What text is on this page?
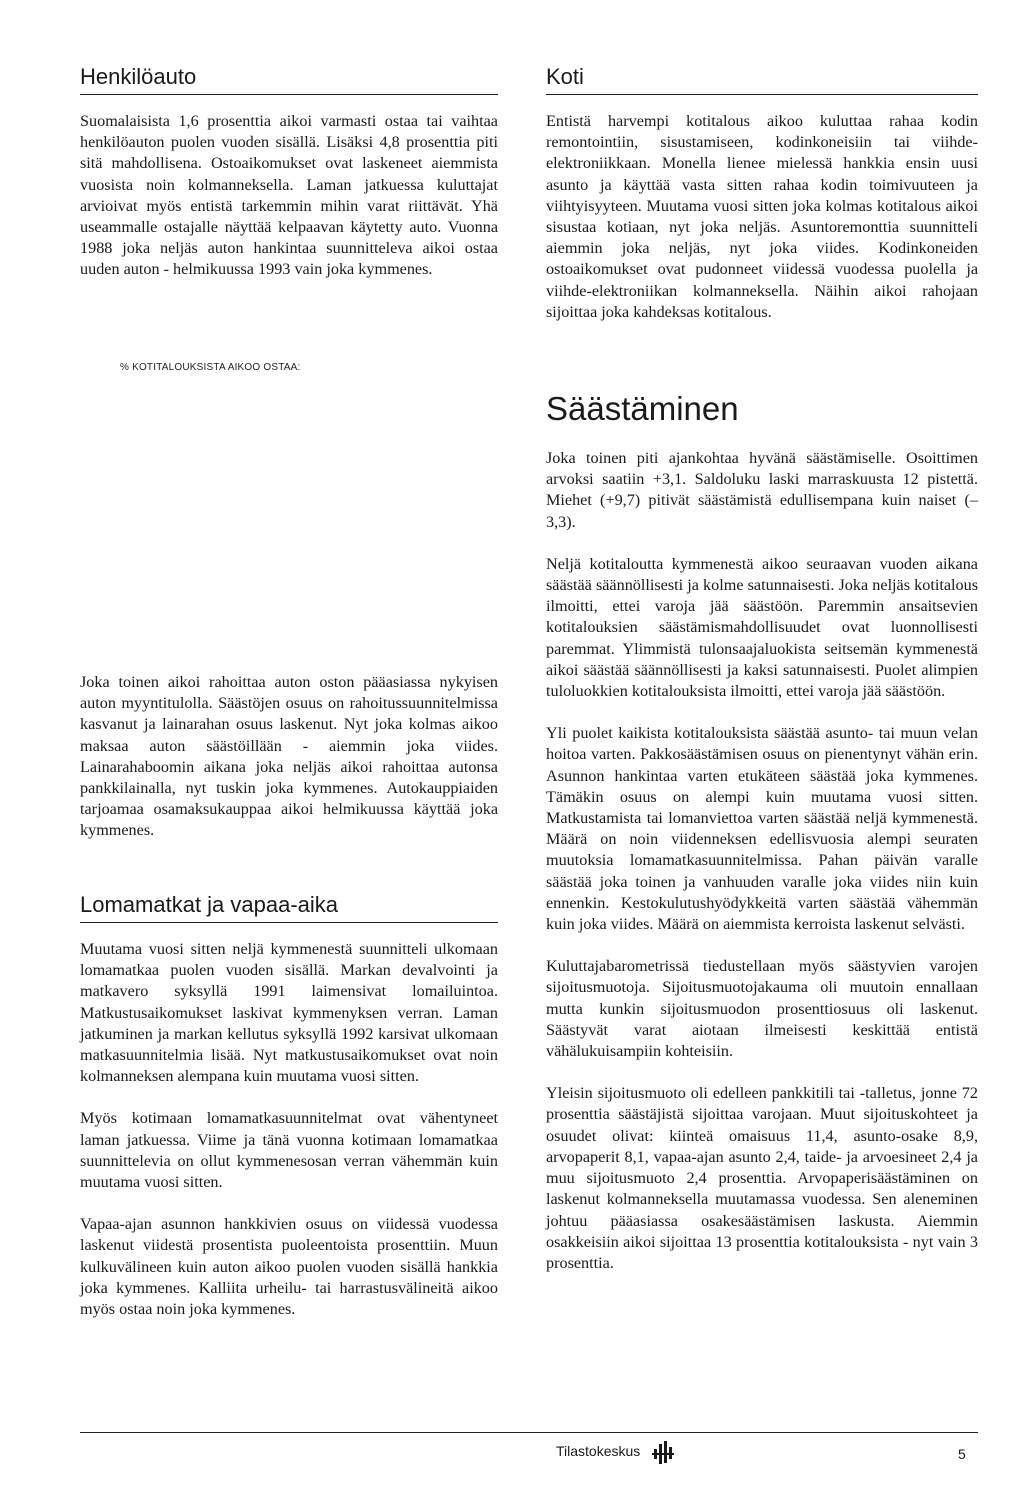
Henkilöauto

Suomalaisista 1,6 prosenttia aikoi varmasti ostaa tai vaihtaa henkilöauton puolen vuoden sisällä. Lisäksi 4,8 prosenttia piti sitä mahdollisena. Ostoaikomukset ovat laskeneet aiemmista vuosista noin kolmanneksella. Laman jatkuessa kuluttajat arvioivat myös entistä tarkemmin mihin varat riittävät. Yhä useammalle ostajalle näyttää kelpaavan käytetty auto. Vuonna 1988 joka neljäs auton hankintaa suunnitteleva aikoi ostaa uuden auton - helmikuussa 1993 vain joka kymmenes.

% KOTITALOUKSISTA AIKOO OSTAA:

Joka toinen aikoi rahoittaa auton oston pääasiassa nykyisen auton myyntitulolla. Säästöjen osuus on rahoitussuunnitelmissa kasvanut ja lainarahan osuus laskenut. Nyt joka kolmas aikoo maksaa auton säästöillään - aiemmin joka viides. Lainarahaboomin aikana joka neljäs aikoi rahoittaa autonsa pankkilainalla, nyt tuskin joka kymmenes. Autokauppiaiden tarjoamaa osamaksukauppaa aikoi helmikuussa käyttää joka kymmenes.

Lomamatkat ja vapaa-aika

Muutama vuosi sitten neljä kymmenestä suunnitteli ulkomaan lomamatkaa puolen vuoden sisällä. Markan devalvointi ja matkavero syksyllä 1991 laimensivat lomailuintoa. Matkustusaikomukset laskivat kymmenyksen verran. Laman jatkuminen ja markan kellutus syksyllä 1992 karsivat ulkomaan matkasuunnitelmia lisää. Nyt matkustusaikomukset ovat noin kolmanneksen alempana kuin muutama vuosi sitten.

Myös kotimaan lomamatkasuunnitelmat ovat vähentyneet laman jatkuessa. Viime ja tänä vuonna kotimaan lomamatkaa suunnittelevia on ollut kymmenesosan verran vähemmän kuin muutama vuosi sitten.

Vapaa-ajan asunnon hankkivien osuus on viidessä vuodessa laskenut viidestä prosentista puoleentoista prosenttiin. Muun kulkuvälineen kuin auton aikoo puolen vuoden sisällä hankkia joka kymmenes. Kalliita urheilu- tai harrastusvälineitä aikoo myös ostaa noin joka kymmenes.

Koti

Entistä harvempi kotitalous aikoo kuluttaa rahaa kodin remontointiin, sisustamiseen, kodinkoneisiin tai viihde-elektroniikkaan. Monella lienee mielessä hankkia ensin uusi asunto ja käyttää vasta sitten rahaa kodin toimivuuteen ja viihtyisyyteen. Muutama vuosi sitten joka kolmas kotitalous aikoi sisustaa kotiaan, nyt joka neljäs. Asuntoremonttia suunnitteli aiemmin joka neljäs, nyt joka viides. Kodinkoneiden ostoaikomukset ovat pudonneet viidessä vuodessa puolella ja viihde-elektroniikan kolmanneksella. Näihin aikoi rahojaan sijoittaa joka kahdeksas kotitalous.

Säästäminen

Joka toinen piti ajankohtaa hyvänä säästämiselle. Osoittimen arvoksi saatiin +3,1. Saldoluku laski marraskuusta 12 pistettä. Miehet (+9,7) pitivät säästämistä edullisempana kuin naiset (–3,3).

Neljä kotitaloutta kymmenestä aikoo seuraavan vuoden aikana säästää säännöllisesti ja kolme satunnaisesti. Joka neljäs kotitalous ilmoitti, ettei varoja jää säästöön. Paremmin ansaitsevien kotitalouksien säästämismahdollisuudet ovat luonnollisesti paremmat. Ylimmistä tulonsaajaluokista seitsemän kymmenestä aikoi säästää säännöllisesti ja kaksi satunnaisesti. Puolet alimpien tuloluokkien kotitalouksista ilmoitti, ettei varoja jää säästöön.

Yli puolet kaikista kotitalouksista säästää asunto- tai muun velan hoitoa varten. Pakkosäästämisen osuus on pienentynyt vähän erin. Asunnon hankintaa varten etukäteen säästää joka kymmenes. Tämäkin osuus on alempi kuin muutama vuosi sitten. Matkustamista tai lomanviettoa varten säästää neljä kymmenestä. Määrä on noin viidenneksen edellisvuosia alempi seuraten muutoksia lomamatkasuunnitelmissa. Pahan päivän varalle säästää joka toinen ja vanhuuden varalle joka viides niin kuin ennenkin. Kestokulutushyödykkeitä varten säästää vähemmän kuin joka viides. Määrä on aiemmista kerroista laskenut selvästi.

Kuluttajabarometrissä tiedustellaan myös säästyvien varojen sijoitusmuotoja. Sijoitusmuotojakauma oli muutoin ennallaan mutta kunkin sijoitusmuodon prosenttiosuus oli laskenut. Säästyvät varat aiotaan ilmeisesti keskittää entistä vähälukuisampiin kohteisiin.

Yleisin sijoitusmuoto oli edelleen pankkitili tai -talletus, jonne 72 prosenttia säästäjistä sijoittaa varojaan. Muut sijoituskohteet ja osuudet olivat: kiinteä omaisuus 11,4, asunto-osake 8,9, arvopaperit 8,1, vapaa-ajan asunto 2,4, taide- ja arvoesineet 2,4 ja muu sijoitusmuoto 2,4 prosenttia. Arvopaperisäästäminen on laskenut kolmanneksella muutamassa vuodessa. Sen aleneminen johtuu pääasiassa osakesäästämisen laskusta. Aiemmin osakkeisiin aikoi sijoittaa 13 prosenttia kotitalouksista - nyt vain 3 prosenttia.

Tilastokeskus	5
